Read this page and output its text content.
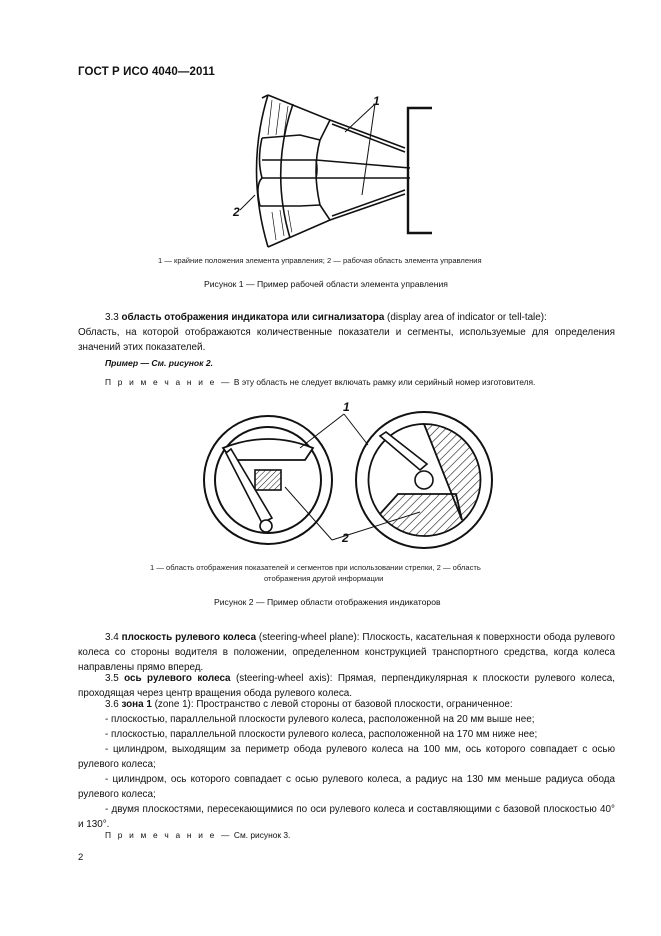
ГОСТ Р ИСО 4040—2011
1
2
1 — крайние положения элемента управления; 2 — рабочая область элемента управления
Рисунок 1 — Пример рабочей области элемента управления
3.3 область отображения индикатора или сигнализатора (display area of indicator or tell-tale):
Область, на которой отображаются количественные показатели и сегменты, используемые для определения значений этих показателей.
Пример — См. рисунок 2.
П р и м е ч а н и е — В эту область не следует включать рамку или серийный номер изготовителя.
1
2
1 — область отображения показателей и сегментов при использовании стрелки, 2 — область
отображения другой информации
Рисунок 2 — Пример области отображения индикаторов
3.4 плоскость рулевого колеса (steering-wheel plane): Плоскость, касательная к поверхности обода рулевого колеса со стороны водителя в положении, определенном конструкцией транспортного средства, когда колеса направлены прямо вперед.
3.5 ось рулевого колеса (steering-wheel axis): Прямая, перпендикулярная к плоскости рулевого колеса, проходящая через центр вращения обода рулевого колеса.
3.6 зона 1 (zone 1): Пространство с левой стороны от базовой плоскости, ограниченное:
- плоскостью, параллельной плоскости рулевого колеса, расположенной на 20 мм выше нее;
- плоскостью, параллельной плоскости рулевого колеса, расположенной на 170 мм ниже нее;
- цилиндром, выходящим за периметр обода рулевого колеса на 100 мм, ось которого совпадает с осью рулевого колеса;
- цилиндром, ось которого совпадает с осью рулевого колеса, а радиус на 130 мм меньше радиуса обода рулевого колеса;
- двумя плоскостями, пересекающимися по оси рулевого колеса и составляющими с базовой плоскостью 40° и 130°.
П р и м е ч а н и е — См. рисунок 3.
2
